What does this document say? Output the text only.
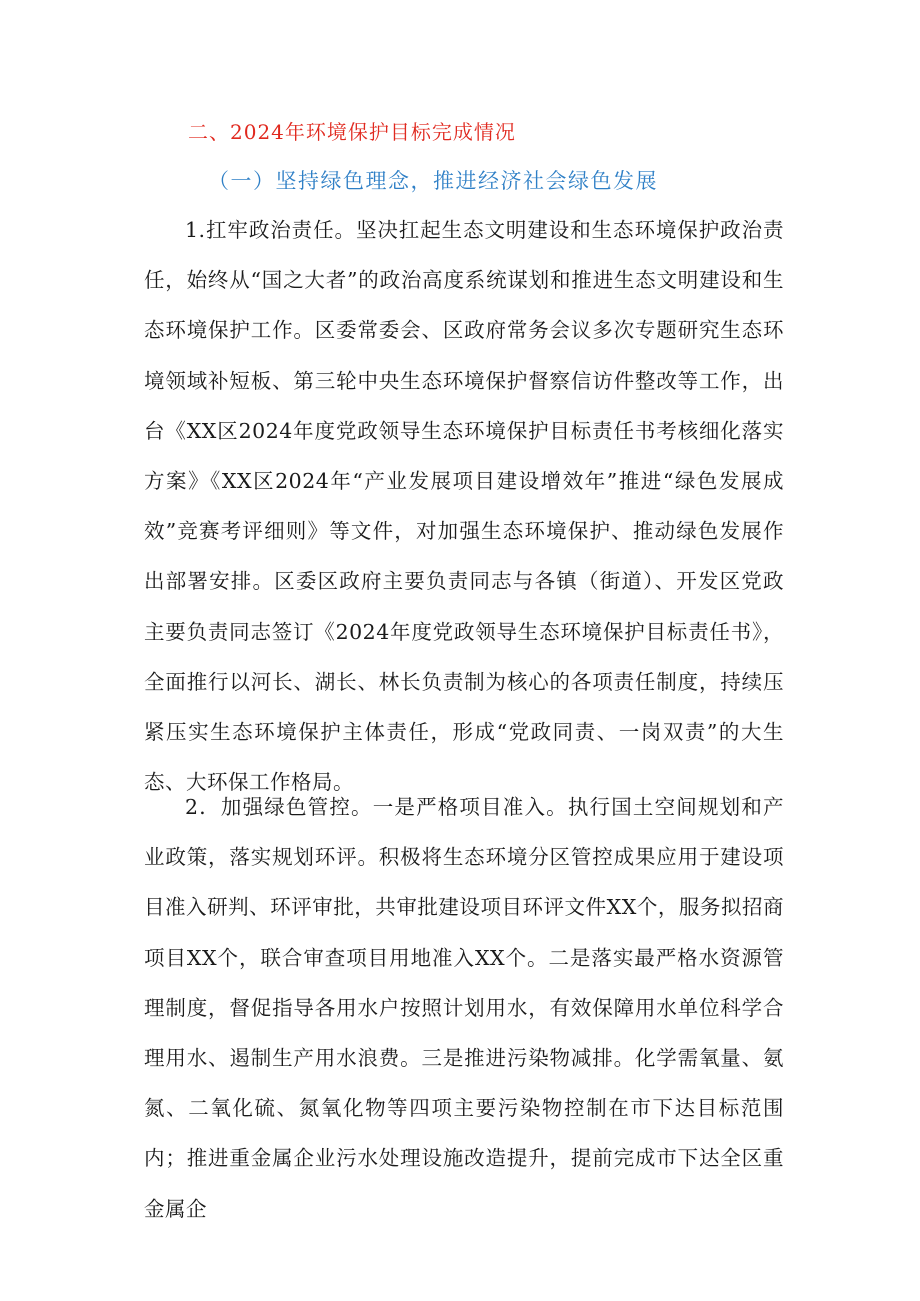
二、2024年环境保护目标完成情况
（一）坚持绿色理念，推进经济社会绿色发展

1.扛牢政治责任。坚决扛起生态文明建设和生态环境保护政治责任，始终从“国之大者”的政治高度系统谋划和推进生态文明建设和生态环境保护工作。区委常委会、区政府常务会议多次专题研究生态环境领域补短板、第三轮中央生态环境保护督察信访件整改等工作，出台《XX区2024年度党政领导生态环境保护目标责任书考核细化落实方案》《XX区2024年“产业发展项目建设增效年”推进“绿色发展成效”竞赛考评细则》等文件，对加强生态环境保护、推动绿色发展作出部署安排。区委区政府主要负责同志与各镇（街道）、开发区党政主要负责同志签订《2024年度党政领导生态环境保护目标责任书》，全面推行以河长、湖长、林长负责制为核心的各项责任制度，持续压紧压实生态环境保护主体责任，形成“党政同责、一岗双责”的大生态、大环保工作格局。

2．加强绿色管控。一是严格项目准入。执行国土空间规划和产业政策，落实规划环评。积极将生态环境分区管控成果应用于建设项目准入研判、环评审批，共审批建设项目环评文件XX个，服务拟招商项目XX个，联合审查项目用地准入XX个。二是落实最严格水资源管理制度，督促指导各用水户按照计划用水，有效保障用水单位科学合理用水、遏制生产用水浪费。三是推进污染物减排。化学需氧量、氨氮、二氧化硫、氮氧化物等四项主要污染物控制在市下达目标范围内；推进重金属企业污水处理设施改造提升，提前完成市下达全区重金属企
